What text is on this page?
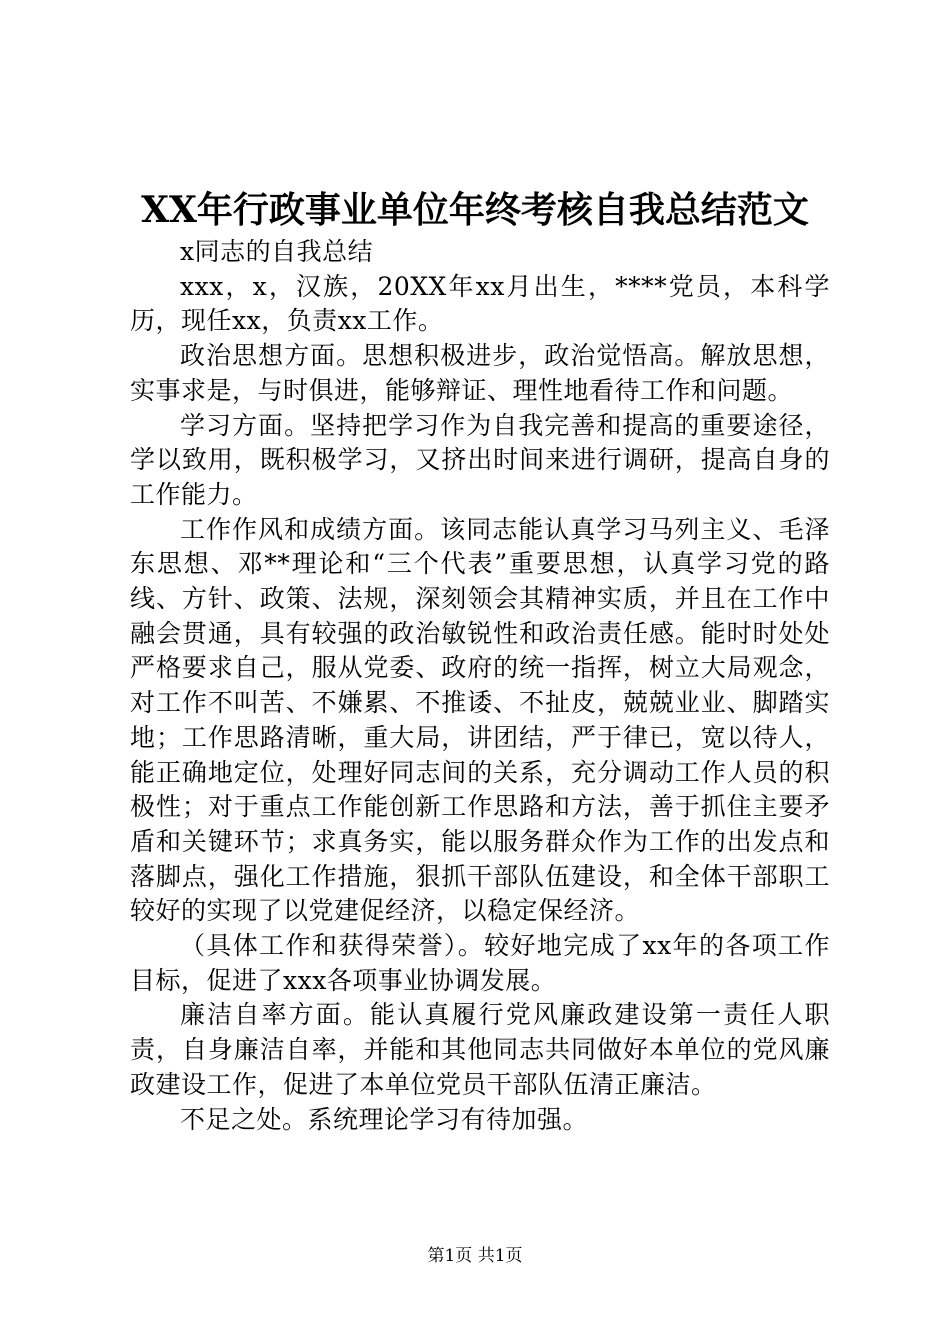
XX年行政事业单位年终考核自我总结范文

x同志的自我总结

xxx，x，汉族，20XX年xx月出生，****党员，本科学历，现任xx，负责xx工作。

政治思想方面。思想积极进步，政治觉悟高。解放思想，实事求是，与时俱进，能够辩证、理性地看待工作和问题。

学习方面。坚持把学习作为自我完善和提高的重要途径，学以致用，既积极学习，又挤出时间来进行调研，提高自身的工作能力。

工作作风和成绩方面。该同志能认真学习马列主义、毛泽东思想、邓**理论和“三个代表”重要思想，认真学习党的路线、方针、政策、法规，深刻领会其精神实质，并且在工作中融会贯通，具有较强的政治敏锐性和政治责任感。能时时处处严格要求自己，服从党委、政府的统一指挥，树立大局观念，对工作不叫苦、不嫌累、不推诿、不扯皮，兢兢业业、脚踏实地；工作思路清晰，重大局，讲团结，严于律已，宽以待人，能正确地定位，处理好同志间的关系，充分调动工作人员的积极性；对于重点工作能创新工作思路和方法，善于抓住主要矛盾和关键环节；求真务实，能以服务群众作为工作的出发点和落脚点，强化工作措施，狠抓干部队伍建设，和全体干部职工较好的实现了以党建促经济，以稳定保经济。

（具体工作和获得荣誉）。较好地完成了xx年的各项工作目标，促进了xxx各项事业协调发展。

廉洁自率方面。能认真履行党风廉政建设第一责任人职责，自身廉洁自率，并能和其他同志共同做好本单位的党风廉政建设工作，促进了本单位党员干部队伍清正廉洁。

不足之处。系统理论学习有待加强。

第1页 共1页
